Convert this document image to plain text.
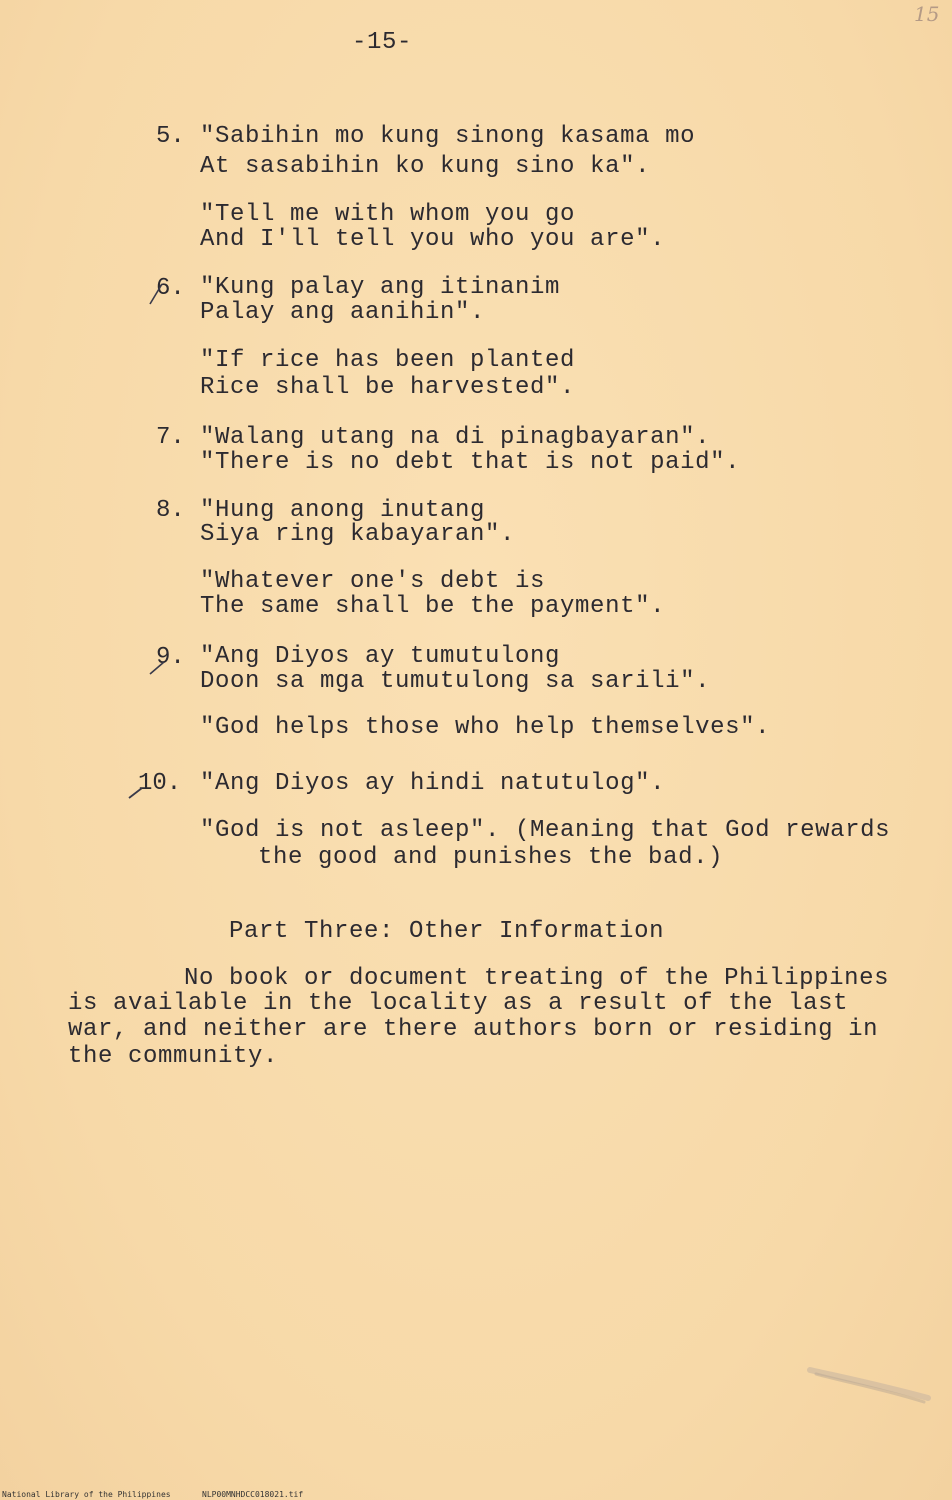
15
-15-
5. "Sabihin mo kung sinong kasama mo
At sasabihin ko kung sino ka".
"Tell me with whom you go
And I'll tell you who you are".
6. "Kung palay ang itinanim
Palay ang aanihin".
"If rice has been planted
Rice shall be harvested".
7. "Walang utang na di pinagbayaran".
"There is no debt that is not paid".
8. "Hung anong inutang
Siya ring kabayaran".
"Whatever one's debt is
The same shall be the payment".
9. "Ang Diyos ay tumutulong
Doon sa mga tumutulong sa sarili".
"God helps those who help themselves".
10. "Ang Diyos ay hindi natutulog".
"God is not asleep". (Meaning that God rewards
the good and punishes the bad.)
Part Three: Other Information
No book or document treating of the Philippines
is available in the locality as a result of the last
war, and neither are there authors born or residing in
the community.
National Library of the Philippines	NLP00MNHDCC018021.tif
